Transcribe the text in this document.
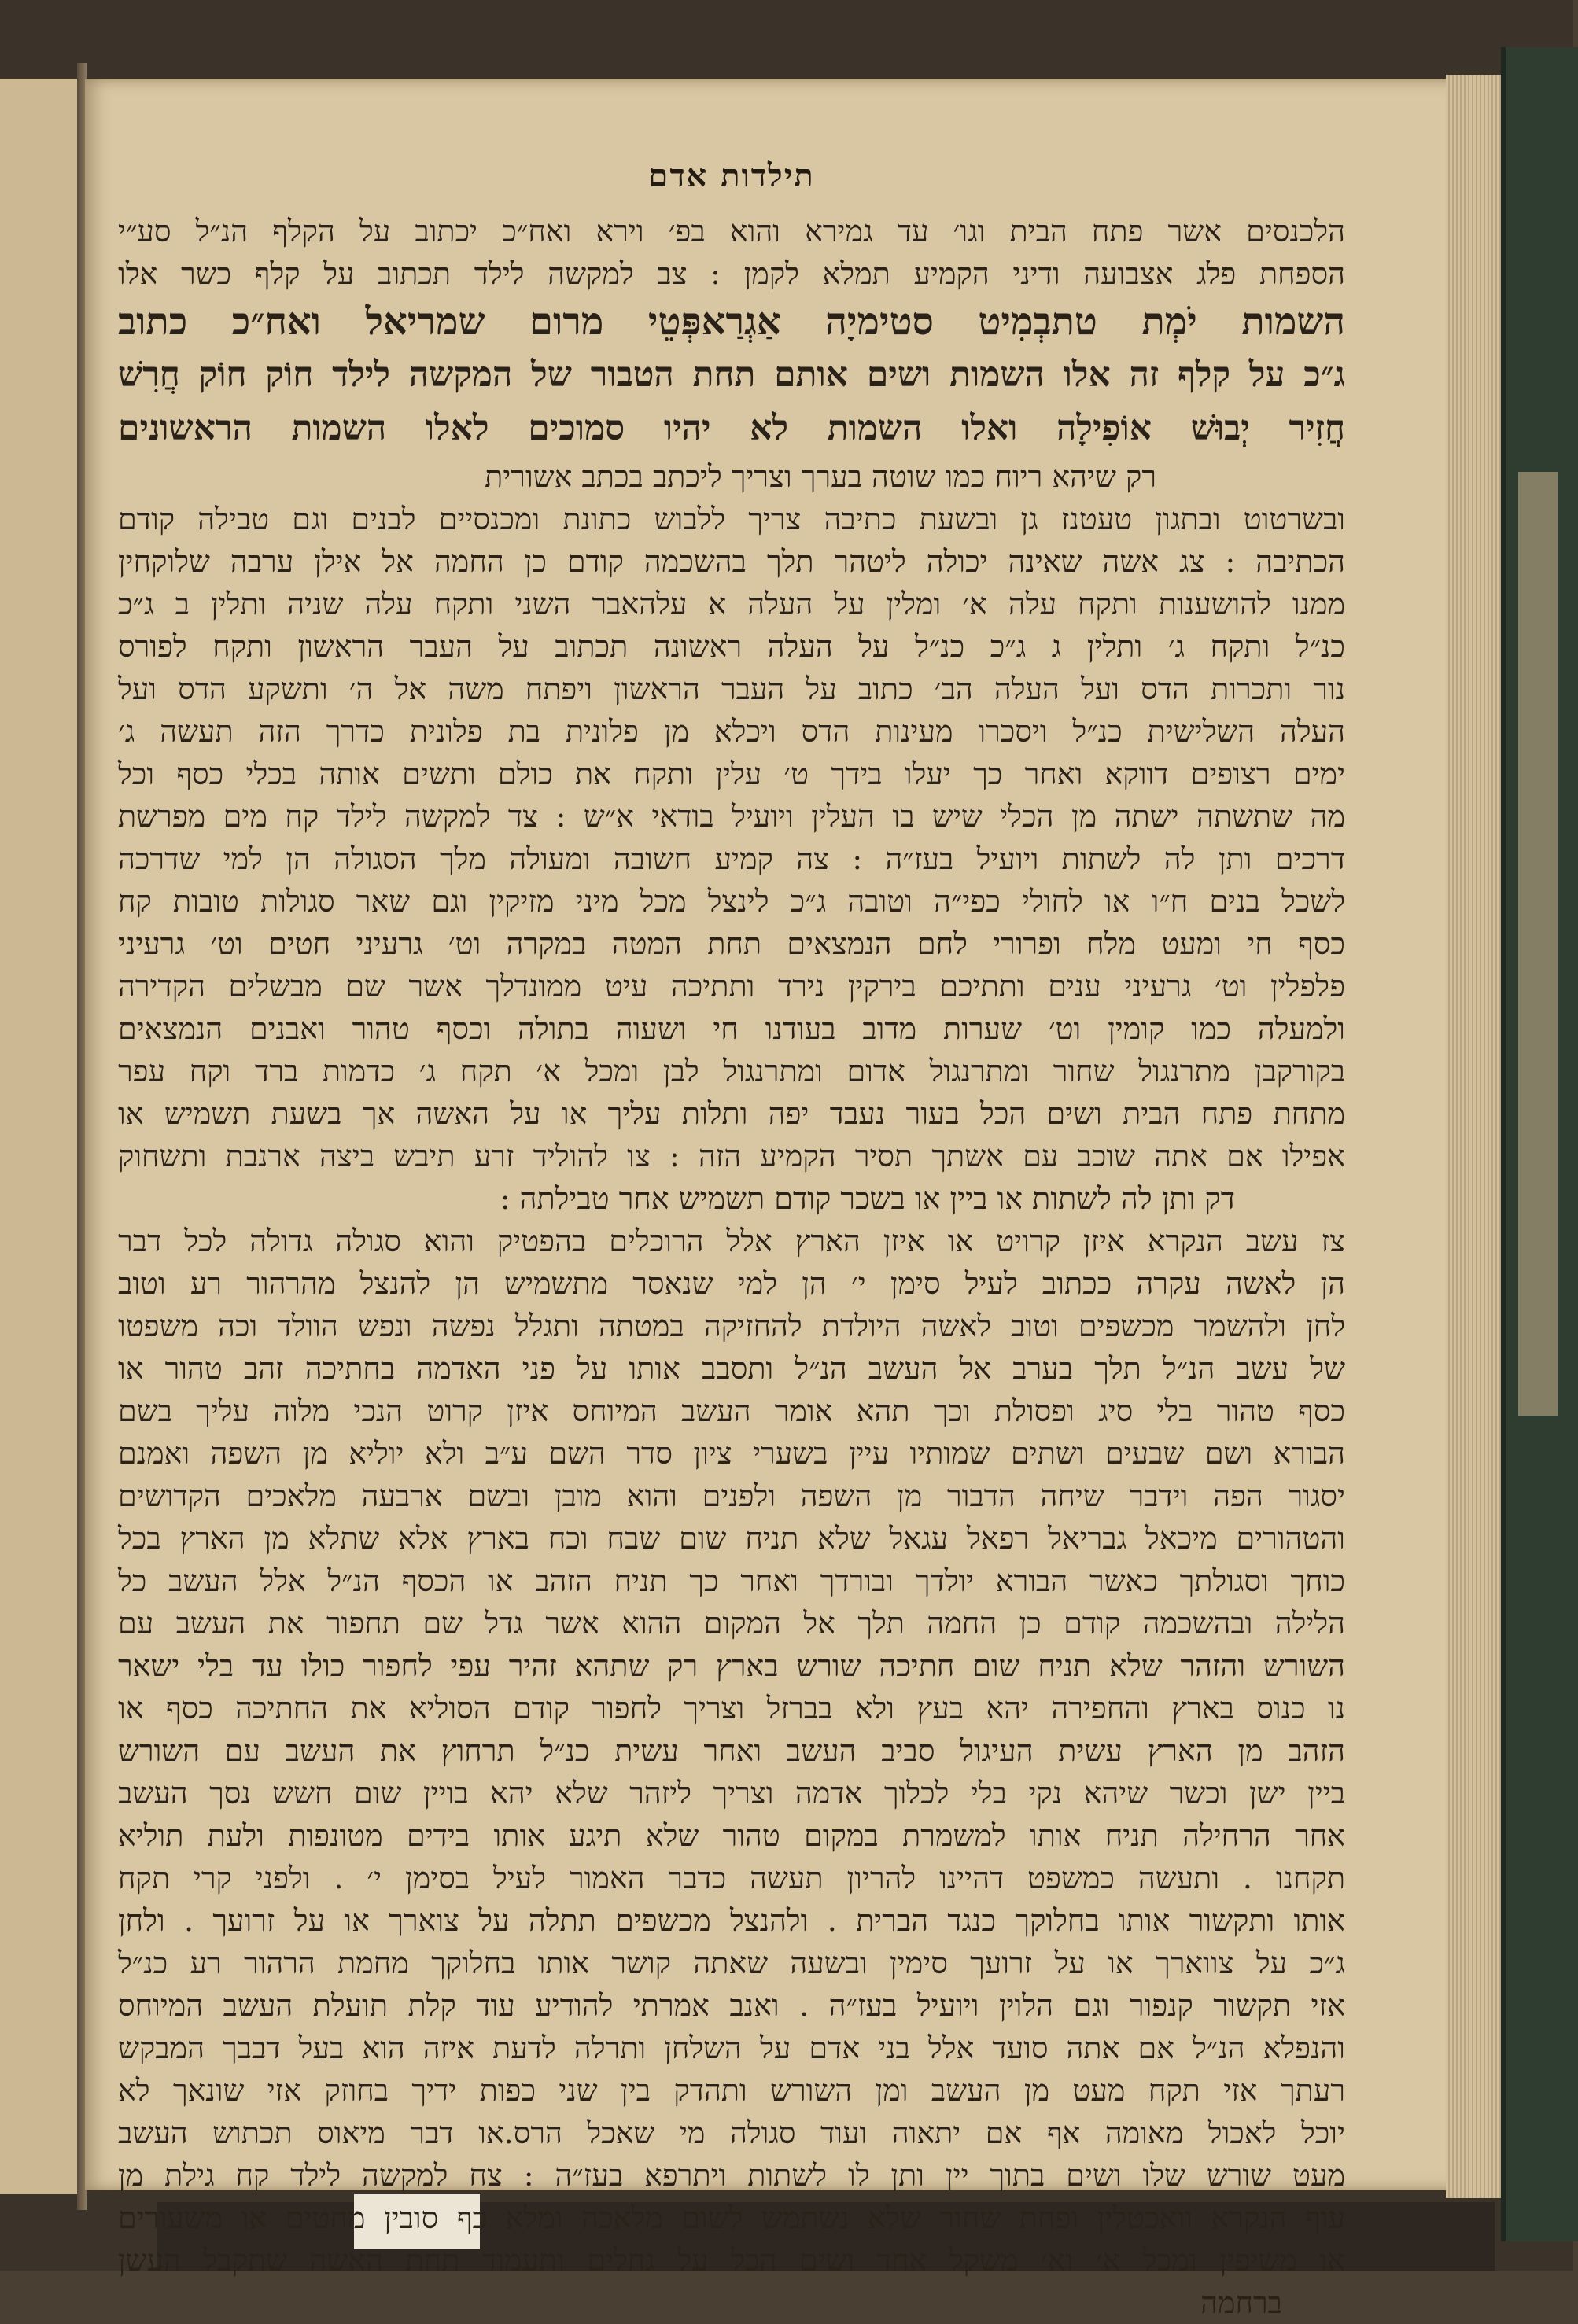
תילדות אדם
הלכנסים אשר פתח הבית וגו׳ עד גמירא והוא בפ׳ וירא ואח״כ יכתוב על הקלף הנ״ל סע״י
הספחת פלג אצבועה ודיני הקמיע תמלא לקמן : צב למקשה לילד תכתוב על קלף כשר אלו
השמות יֹמְת טתבְמִיט סטימיָה אַגְרַאפְּטֵי מרום שמריאל ואח״כ כתוב
ג״כ על קלף זה אלו השמות ושים אותם תחת הטבור של המקשה לילד חוֹק חוֹק חֲרִשׁ
חֲזִיר יְבוּשׁ אוֹפִילָה ואלו השמות לא יהיו סמוכים לאלו השמות הראשונים
רק שיהא ריוח כמו שוטה בערך וצריך ליכתב בכתב אשורית
ובשרטוט ובתגון טעטנז גן ובשעת כתיבה צריך ללבוש כתונת ומכנסיים לבנים וגם טבילה קודם
הכתיבה : צג אשה שאינה יכולה ליטהר תלך בהשכמה קודם כן החמה אל אילן ערבה שלוקחין
ממנו להושענות ותקח עלה א׳ ומלין על העלה א עלהאבר השני ותקח עלה שניה ותלין ב ג״כ
כנ״ל ותקח ג׳ ותלין ג ג״כ כנ״ל על העלה ראשונה תכתוב על העבר הראשון ותקח לפורס
נור ותכרות הדס ועל העלה הב׳ כתוב על העבר הראשון ויפתח משה אל ה׳ ותשקע הדס ועל
העלה השלישית כנ״ל ויסכרו מעינות הדס ויכלא מן פלונית בת פלונית כדרך הזה תעשה ג׳
ימים רצופים דווקא ואחר כך יעלו בידך ט׳ עלין ותקח את כולם ותשים אותה בכלי כסף וכל
מה שתשתה ישתה מן הכלי שיש בו העלין ויועיל בודאי א״ש : צד למקשה לילד קח מים מפרשת
דרכים ותן לה לשתות ויועיל בעז״ה : צה קמיע חשובה ומעולה מלך הסגולה הן למי שדרכה
לשכל בנים ח״ו או לחולי כפי״ה וטובה ג״כ לינצל מכל מיני מזיקין וגם שאר סגולות טובות קח
כסף חי ומעט מלח ופרורי לחם הנמצאים תחת המטה במקרה וט׳ גרעיני חטים וט׳ גרעיני
פלפלין וט׳ גרעיני ענים ותתיכם בירקין נירד ותתיכה עיט ממונדלך אשר שם מבשלים הקדירה
ולמעלה כמו קומין וט׳ שערות מדוב בעודנו חי ושעוה בתולה וכסף טהור ואבנים הנמצאים
בקורקבן מתרנגול שחור ומתרנגול אדום ומתרנגול לבן ומכל א׳ תקח ג׳ כדמות ברד וקח עפר
מתחת פתח הבית ושים הכל בעור נעבד יפה ותלות עליך או על האשה אך בשעת תשמיש או
אפילו אם אתה שוכב עם אשתך תסיר הקמיע הזה : צו להוליד זרע תיבש ביצה ארנבת ותשחוק
דק ותן לה לשתות או ביין או בשכר קודם תשמיש אחר טבילתה :
צז עשב הנקרא איזן קרויט או איזן הארץ אלל הרוכלים בהפטיק והוא סגולה גדולה לכל דבר
הן לאשה עקרה ככתוב לעיל סימן י׳ הן למי שנאסר מתשמיש הן להנצל מהרהור רע וטוב
לחן ולהשמר מכשפים וטוב לאשה היולדת להחזיקה במטתה ותגלל נפשה ונפש הוולד וכה משפטו
של עשב הנ״ל תלך בערב אל העשב הנ״ל ותסבב אותו על פני האדמה בחתיכה זהב טהור או
כסף טהור בלי סיג ופסולת וכך תהא אומר העשב המיוחס איזן קרוט הנכי מלוה עליך בשם
הבורא ושם שבעים ושתים שמותיו עיין בשערי ציון סדר השם ע״ב ולא יוליא מן השפה ואמנם
יסגור הפה וידבר שיחה הדבור מן השפה ולפנים והוא מובן ובשם ארבעה מלאכים הקדושים
והטהורים מיכאל גבריאל רפאל עגאל שלא תניח שום שבח וכח בארץ אלא שתלא מן הארץ בכל
כוחך וסגולתך כאשר הבורא יולדך ובורדך ואחר כך תניח הזהב או הכסף הנ״ל אלל העשב כל
הלילה ובהשכמה קודם כן החמה תלך אל המקום ההוא אשר גדל שם תחפור את העשב עם
השורש והזהר שלא תניח שום חתיכה שורש בארץ רק שתהא זהיר עפי לחפור כולו עד בלי ישאר
נו כנוס בארץ והחפירה יהא בעץ ולא בברזל וצריך לחפור קודם הסוליא את החתיכה כסף או
הזהב מן הארץ עשית העיגול סביב העשב ואחר עשית כנ״ל תרחוץ את העשב עם השורש
ביין ישן וכשר שיהא נקי בלי לכלוך אדמה וצריך ליזהר שלא יהא בויין שום חשש נסך העשב
אחר הרחילה תניח אותו למשמרת במקום טהור שלא תיגע אותו בידים מטונפות ולעת תוליא
תקחנו . ותעשה כמשפט דהיינו להריון תעשה כדבר האמור לעיל בסימן י׳ . ולפני קרי תקח
אותו ותקשור אותו בחלוקך כנגד הברית . ולהנצל מכשפים תתלה על צוארך או על זרועך . ולחן
ג״כ על צווארך או על זרועך סימין ובשעה שאתה קושר אותו בחלוקך מחמת הרהור רע כנ״ל
אזי תקשור קנפור וגם הלוין ויועיל בעז״ה . ואנב אמרתי להודיע עוד קלת תועלת העשב המיוחס
והנפלא הנ״ל אם אתה סועד אלל בני אדם על השלחן ותרלה לדעת איזה הוא בעל דבבך המבקש
רעתך אזי תקח מעט מן העשב ומן השורש ותהדק בין שני כפות ידיך בחוזק אזי שונאך לא
יוכל לאכול מאומה אף אם יתאוה ועוד סגולה מי שאכל הרס.או דבר מיאוס תכתוש העשב
מעט שורש שלו ושים בתוך יין ותן לו לשתות ויתרפא בעז״ה : צח למקשה לילד קח גילת מן
עוף הנקרא וואכטלין ופחת שחור שלא נשתמש לשום מלאכה ומלא כף סובין מחטים או משעורים
או משיפין ומכל א׳ וא׳ משקל אחד ושים הכל על גחלים ותעמוד תחת האשה שתקבל העשן
ברחמה
